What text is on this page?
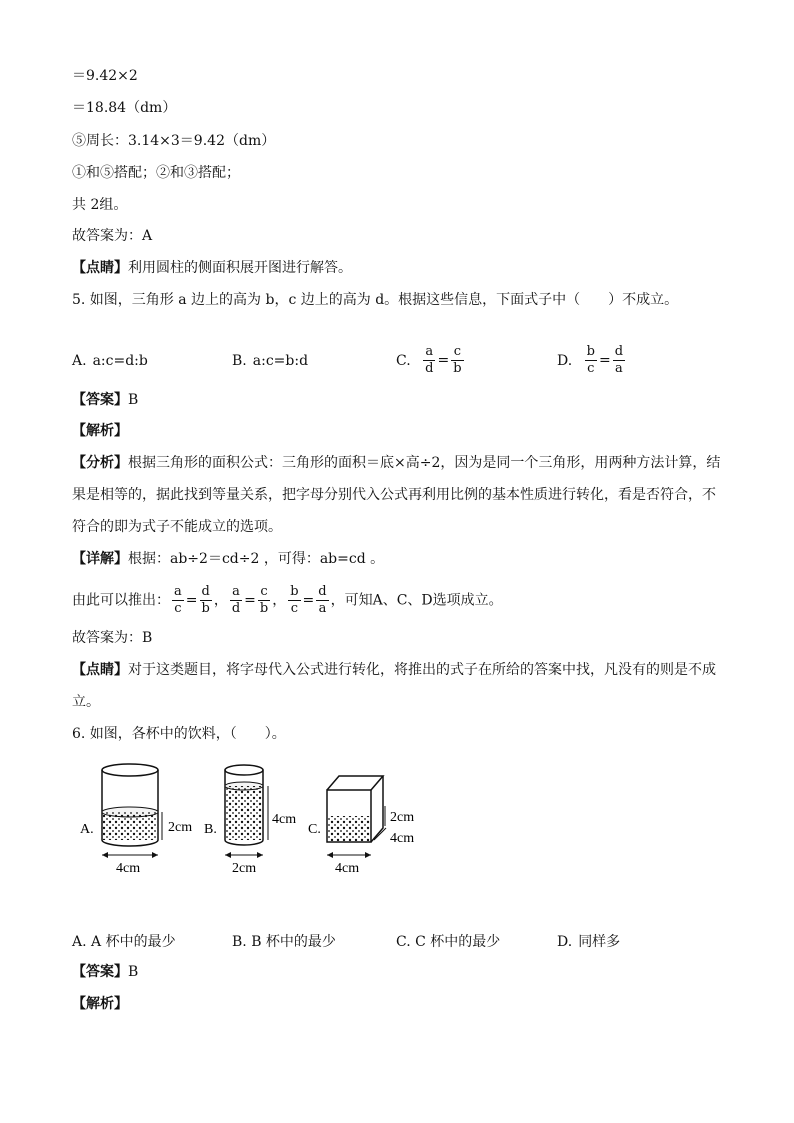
＝9.42×2
＝18.84（dm）
⑤周长：3.14×3＝9.42（dm）
①和⑤搭配；②和③搭配；
共 2组。
故答案为：A
【点睛】利用圆柱的侧面积展开图进行解答。
5. 如图，三角形 a 边上的高为 b，c 边上的高为 d。根据这些信息，下面式子中（　　）不成立。
A. a:c=d:b	B. a:c=b:d	C. $\frac{a}{d} = \frac{c}{b}$	D. $\frac{b}{c} = \frac{d}{a}$
【答案】B
【解析】
【分析】根据三角形的面积公式：三角形的面积＝底×高÷2，因为是同一个三角形，用两种方法计算，结
果是相等的，据此找到等量关系，把字母分别代入公式再利用比例的基本性质进行转化，看是否符合，不
符合的即为式子不能成立的选项。
【详解】根据：ab÷2＝cd÷2 ，可得：ab=cd 。
由此可以推出： $\frac{a}{c} = \frac{d}{b}$ ， $\frac{a}{d} = \frac{c}{b}$ ， $\frac{b}{c} = \frac{d}{a}$ ，可知A、C、D选项成立。
故答案为：B
【点睛】对于这类题目，将字母代入公式进行转化，将推出的式子在所给的答案中找，凡没有的则是不成
立。
6. 如图，各杯中的饮料，（　　）。
A.	2cm
4cm
B.
4cm
2cm
C.
2cm
4cm
4cm
A. A 杯中的最少	B. B 杯中的最少	C. C 杯中的最少	D. 同样多
【答案】B
【解析】
